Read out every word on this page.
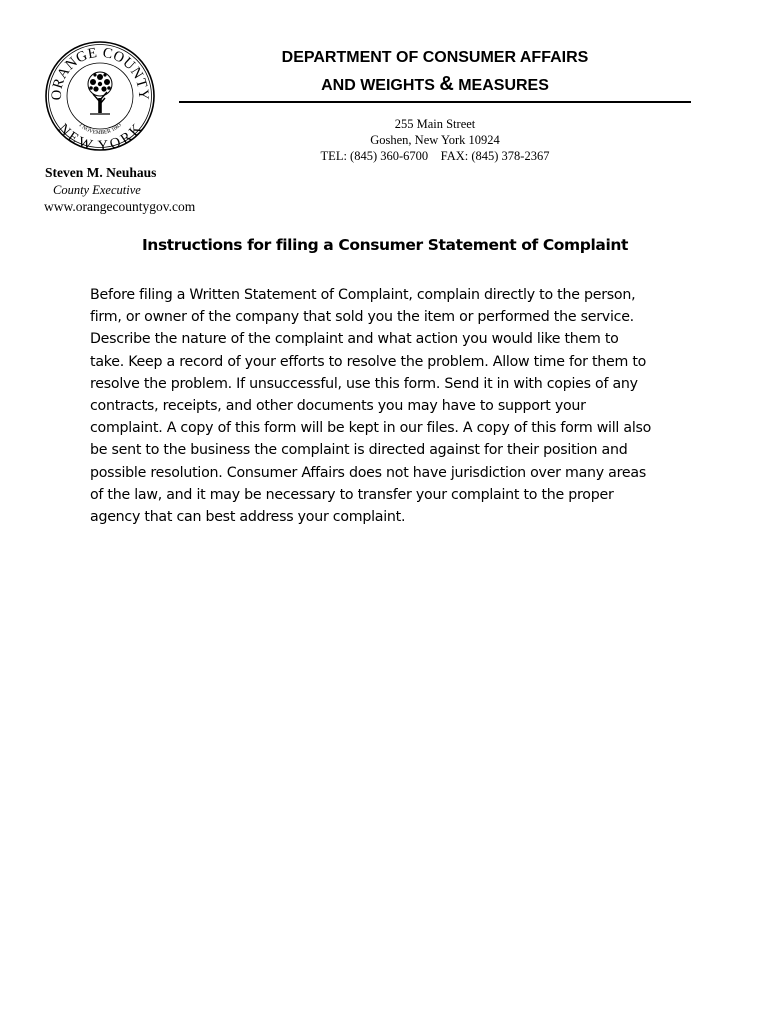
ORANGE COUNTY
NEW YORK
1 NOVEMBER 1683
DEPARTMENT OF CONSUMER AFFAIRS
AND WEIGHTS & MEASURES
255 Main Street
Goshen, New York 10924
TEL: (845) 360-6700    FAX: (845) 378-2367
Steven M. Neuhaus
County Executive
www.orangecountygov.com
Instructions for filing a Consumer Statement of Complaint
Before filing a Written Statement of Complaint, complain directly to the person,
firm, or owner of the company that sold you the item or performed the service.
Describe the nature of the complaint and what action you would like them to
take. Keep a record of your efforts to resolve the problem. Allow time for them to
resolve the problem. If unsuccessful, use this form. Send it in with copies of any
contracts, receipts, and other documents you may have to support your
complaint. A copy of this form will be kept in our files. A copy of this form will also
be sent to the business the complaint is directed against for their position and
possible resolution. Consumer Affairs does not have jurisdiction over many areas
of the law, and it may be necessary to transfer your complaint to the proper
agency that can best address your complaint.
